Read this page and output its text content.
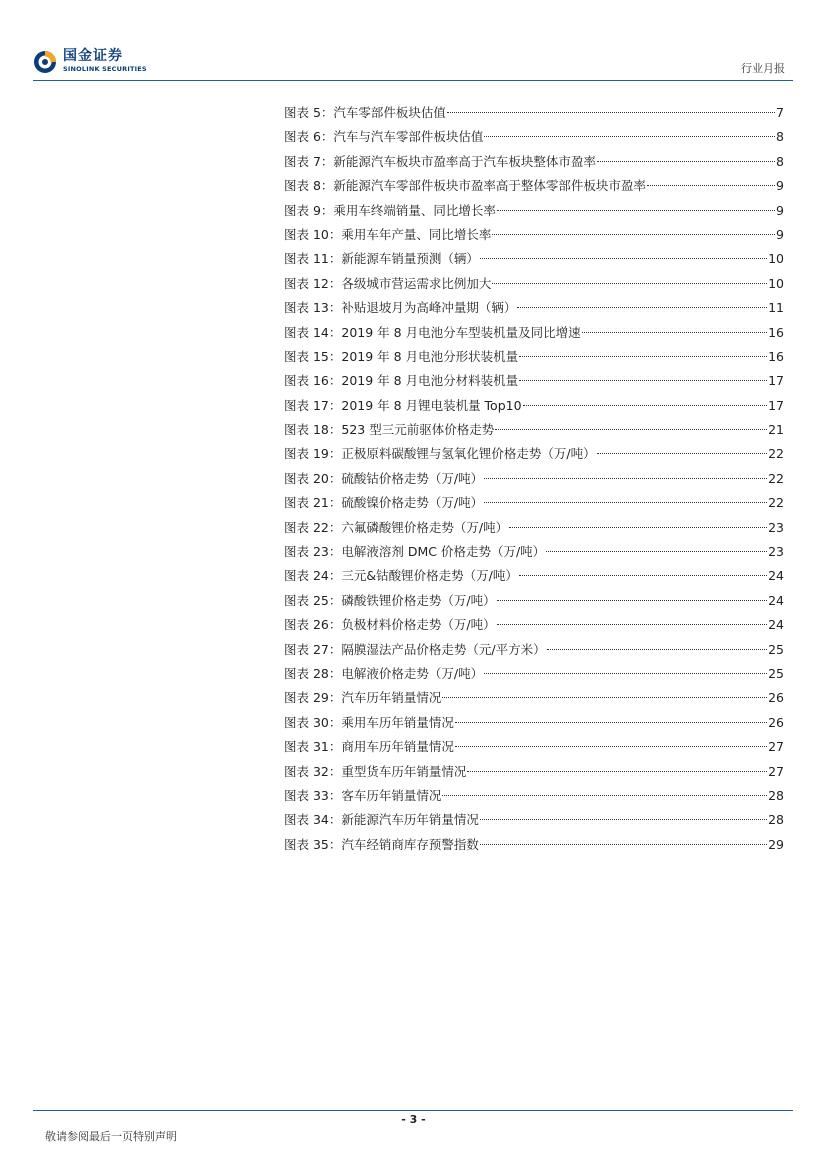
国金证券
SINOLINK SECURITIES	行业月报
图表 5：汽车零部件板块估值	7
图表 6：汽车与汽车零部件板块估值	8
图表 7：新能源汽车板块市盈率高于汽车板块整体市盈率	8
图表 8：新能源汽车零部件板块市盈率高于整体零部件板块市盈率	9
图表 9：乘用车终端销量、同比增长率	9
图表 10：乘用车年产量、同比增长率	9
图表 11：新能源车销量预测（辆）	10
图表 12：各级城市营运需求比例加大	10
图表 13：补贴退坡月为高峰冲量期（辆）	11
图表 14：2019 年 8 月电池分车型装机量及同比增速	16
图表 15：2019 年 8 月电池分形状装机量	16
图表 16：2019 年 8 月电池分材料装机量	17
图表 17：2019 年 8 月锂电装机量 Top10	17
图表 18：523 型三元前驱体价格走势	21
图表 19：正极原料碳酸锂与氢氧化锂价格走势（万/吨）	22
图表 20：硫酸钴价格走势（万/吨）	22
图表 21：硫酸镍价格走势（万/吨）	22
图表 22：六氟磷酸锂价格走势（万/吨）	23
图表 23：电解液溶剂 DMC 价格走势（万/吨）	23
图表 24：三元&钴酸锂价格走势（万/吨）	24
图表 25：磷酸铁锂价格走势（万/吨）	24
图表 26：负极材料价格走势（万/吨）	24
图表 27：隔膜湿法产品价格走势（元/平方米）	25
图表 28：电解液价格走势（万/吨）	25
图表 29：汽车历年销量情况	26
图表 30：乘用车历年销量情况	26
图表 31：商用车历年销量情况	27
图表 32：重型货车历年销量情况	27
图表 33：客车历年销量情况	28
图表 34：新能源汽车历年销量情况	28
图表 35：汽车经销商库存预警指数	29
- 3 -
敬请参阅最后一页特别声明
